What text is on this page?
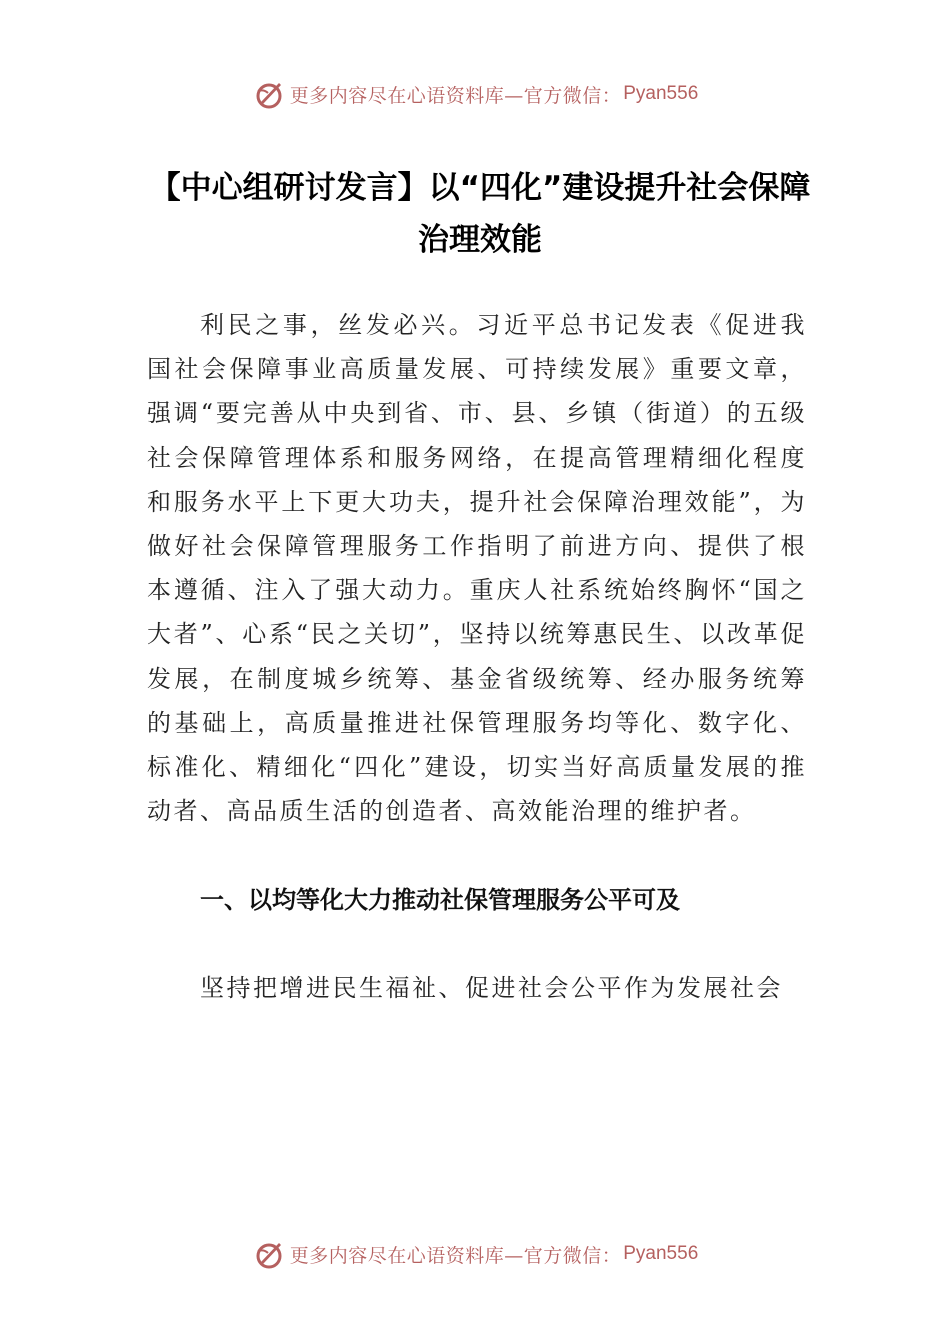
更多内容尽在心语资料库—官方微信： Pyan556
【中心组研讨发言】以“四化”建设提升社会保障治理效能

利民之事，丝发必兴。习近平总书记发表《促进我国社会保障事业高质量发展、可持续发展》重要文章，强调“要完善从中央到省、市、县、乡镇（街道）的五级社会保障管理体系和服务网络，在提高管理精细化程度和服务水平上下更大功夫，提升社会保障治理效能”，为做好社会保障管理服务工作指明了前进方向、提供了根本遵循、注入了强大动力。重庆人社系统始终胸怀“国之大者”、心系“民之关切”，坚持以统筹惠民生、以改革促发展，在制度城乡统筹、基金省级统筹、经办服务统筹的基础上，高质量推进社保管理服务均等化、数字化、标准化、精细化“四化”建设，切实当好高质量发展的推动者、高品质生活的创造者、高效能治理的维护者。

一、以均等化大力推动社保管理服务公平可及

坚持把增进民生福祉、促进社会公平作为发展社会

更多内容尽在心语资料库—官方微信： Pyan556
